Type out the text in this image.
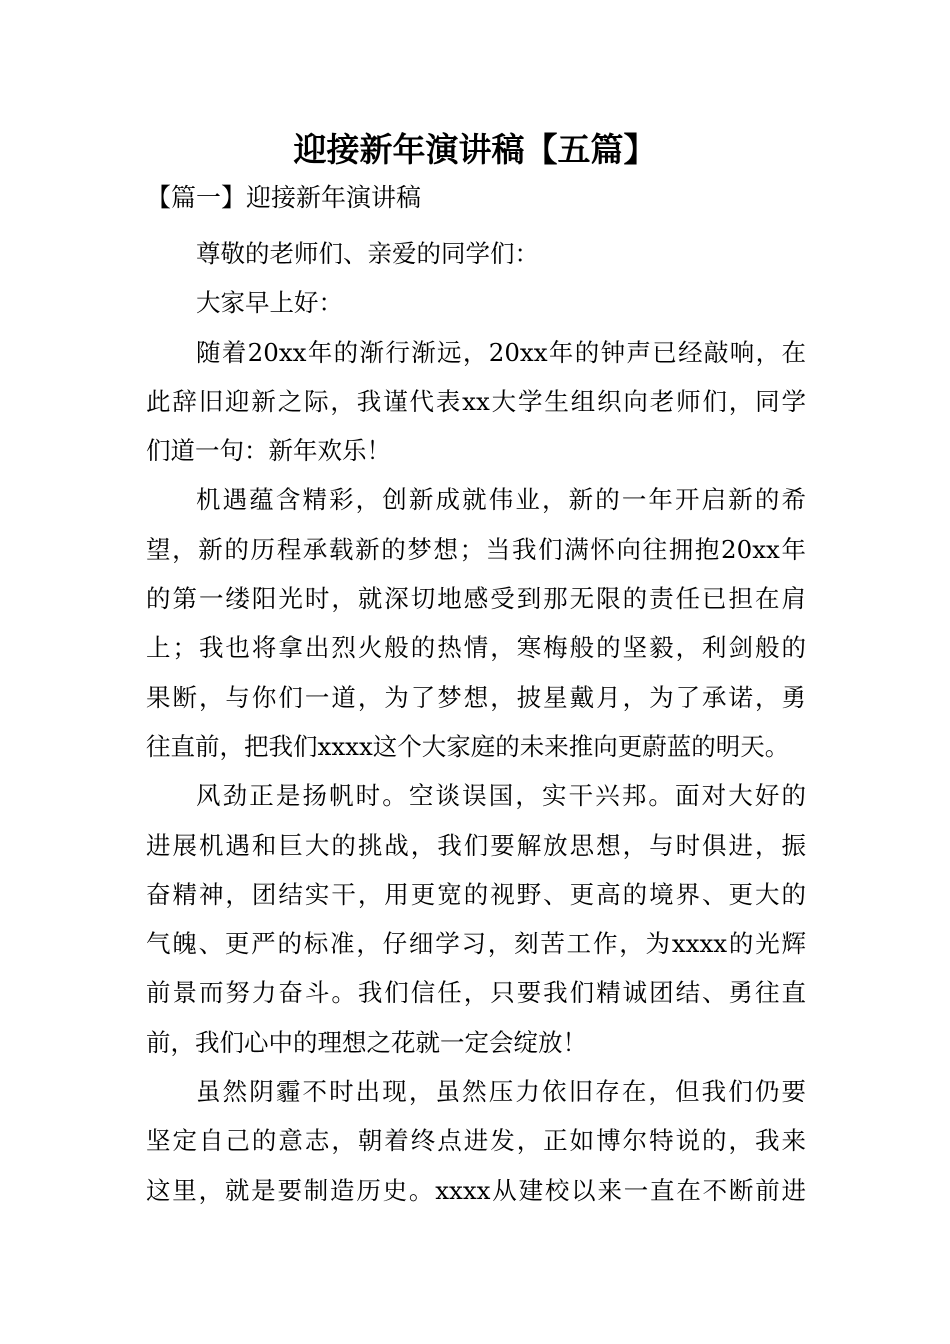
迎接新年演讲稿【五篇】
【篇一】迎接新年演讲稿
尊敬的老师们、亲爱的同学们：
大家早上好：
随着20xx年的渐行渐远，20xx年的钟声已经敲响，在
此辞旧迎新之际，我谨代表xx大学生组织向老师们，同学
们道一句：新年欢乐！
机遇蕴含精彩，创新成就伟业，新的一年开启新的希
望，新的历程承载新的梦想；当我们满怀向往拥抱20xx年
的第一缕阳光时，就深切地感受到那无限的责任已担在肩
上；我也将拿出烈火般的热情，寒梅般的坚毅，利剑般的
果断，与你们一道，为了梦想，披星戴月，为了承诺，勇
往直前，把我们xxxx这个大家庭的未来推向更蔚蓝的明天。
风劲正是扬帆时。空谈误国，实干兴邦。面对大好的
进展机遇和巨大的挑战，我们要解放思想，与时俱进，振
奋精神，团结实干，用更宽的视野、更高的境界、更大的
气魄、更严的标准，仔细学习，刻苦工作，为xxxx的光辉
前景而努力奋斗。我们信任，只要我们精诚团结、勇往直
前，我们心中的理想之花就一定会绽放！
虽然阴霾不时出现，虽然压力依旧存在，但我们仍要
坚定自己的意志，朝着终点进发，正如博尔特说的，我来
这里，就是要制造历史。xxxx从建校以来一直在不断前进
